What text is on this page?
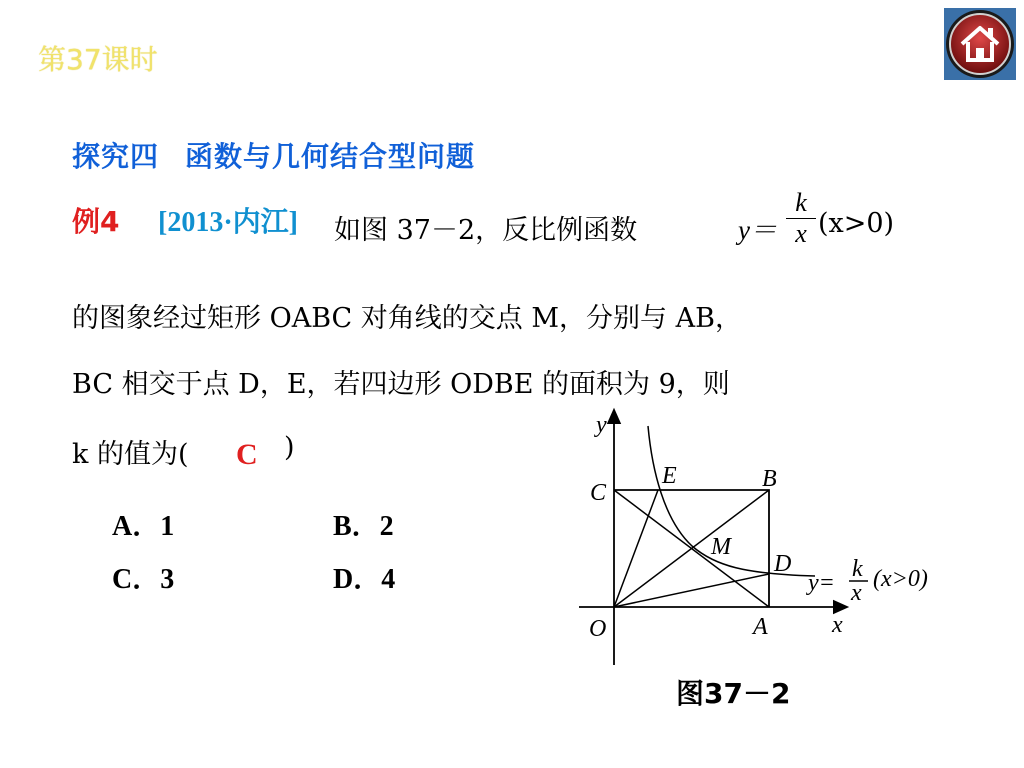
第37课时
探究四 函数与几何结合型问题
例4 [2013·内江] 如图 37－2，反比例函数	$y= \frac{k}{x} (x>0)$
的图象经过矩形 OABC 对角线的交点 M，分别与 AB，
BC 相交于点 D，E，若四边形 ODBE 的面积为 9，则
k 的值为( C )
A．1	B．2
C．3	D．4
y
x
O	A
B
C
D
E
M
y=
k
x
(x>0)
图37－2
